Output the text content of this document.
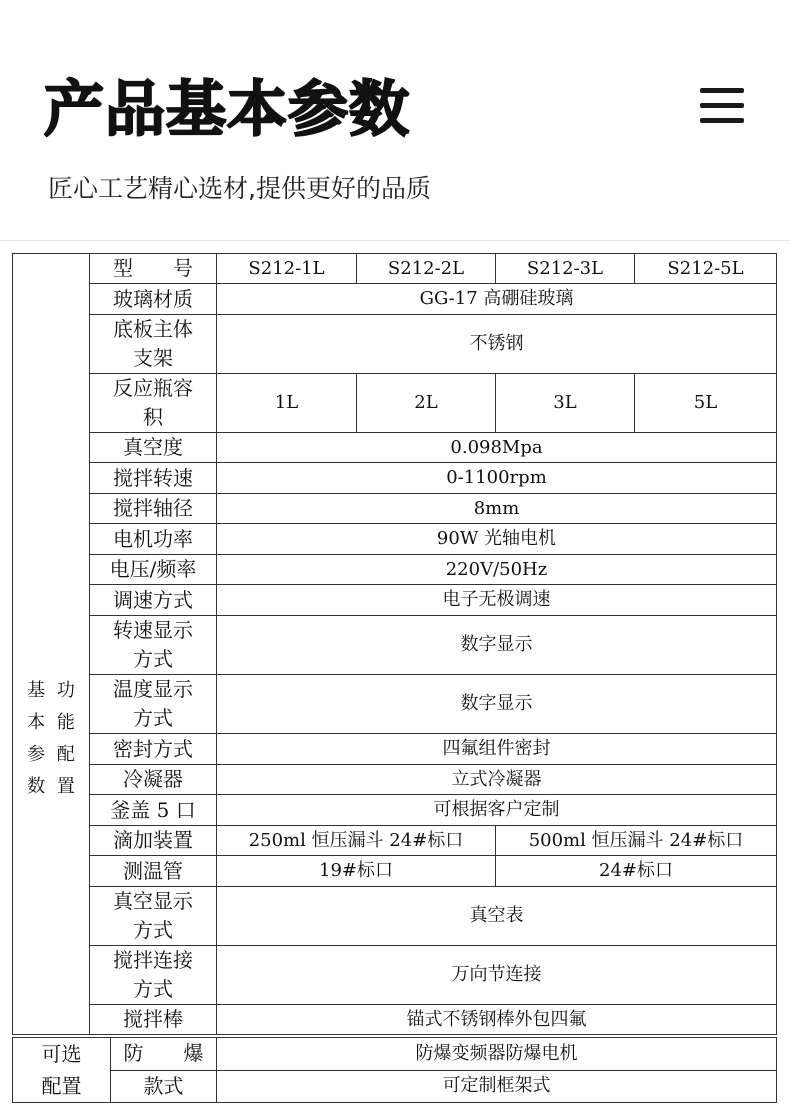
产品基本参数
匠心工艺精心选材,提供更好的品质
基本参数 功能配置	型　　号	S212-1L	S212-2L	S212-3L	S212-5L
	玻璃材质	GG-17 高硼硅玻璃			

	底板主体
支架	不锈钢			

	反应瓶容
积	1L	2L	3L	5L
	真空度	0.098Mpa			
	搅拌转速	0-1100rpm			
	搅拌轴径	8mm			
	电机功率	90W 光轴电机			
	电压/频率	220V/50Hz			
	调速方式	电子无极调速			

	转速显示
方式	数字显示			

	温度显示
方式	数字显示			
	密封方式	四氟组件密封			
	冷凝器	立式冷凝器			
	釜盖 5 口	可根据客户定制			
	滴加装置	250ml 恒压漏斗 24#标口		500ml 恒压漏斗 24#标口	
	测温管	19#标口		24#标口	

	真空显示
方式	真空表			

	搅拌连接
方式	万向节连接			
	搅拌棒	锚式不锈钢棒外包四氟			
可选
配置	防　　爆	防爆变频器防爆电机
	款式	可定制框架式
